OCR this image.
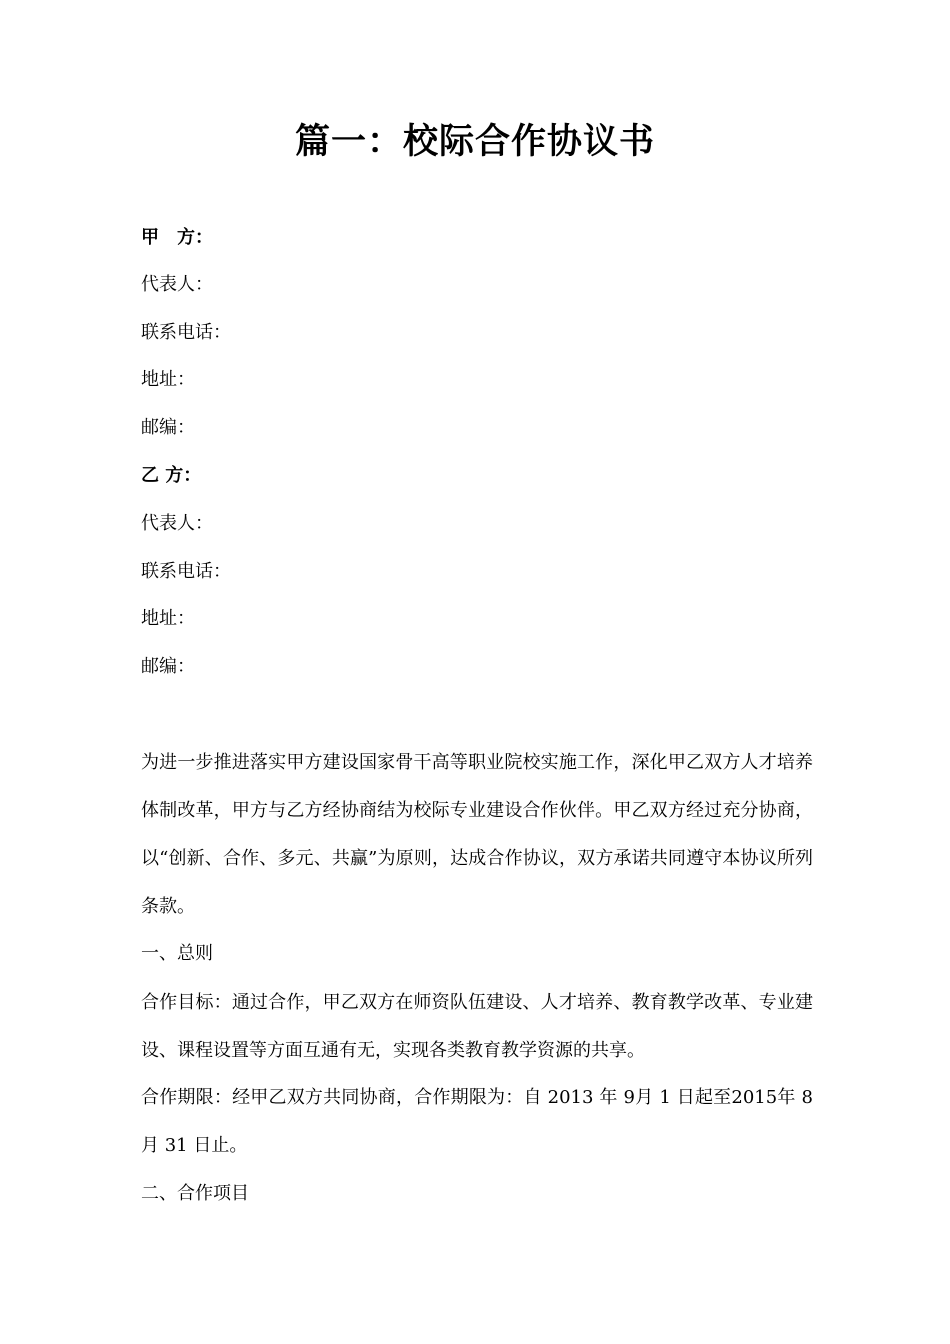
篇一：校际合作协议书
甲　方：
代表人：
联系电话：
地址：
邮编：
乙 方：
代表人：
联系电话：
地址：
邮编：

为进一步推进落实甲方建设国家骨干高等职业院校实施工作，深化甲乙双方人才培养体制改革，甲方与乙方经协商结为校际专业建设合作伙伴。甲乙双方经过充分协商，以“创新、合作、多元、共赢”为原则，达成合作协议，双方承诺共同遵守本协议所列条款。

一、总则

合作目标：通过合作，甲乙双方在师资队伍建设、人才培养、教育教学改革、专业建设、课程设置等方面互通有无，实现各类教育教学资源的共享。

合作期限：经甲乙双方共同协商，合作期限为：自 2013 年 9月 1 日起至2015年 8　月 31 日止。

二、合作项目
